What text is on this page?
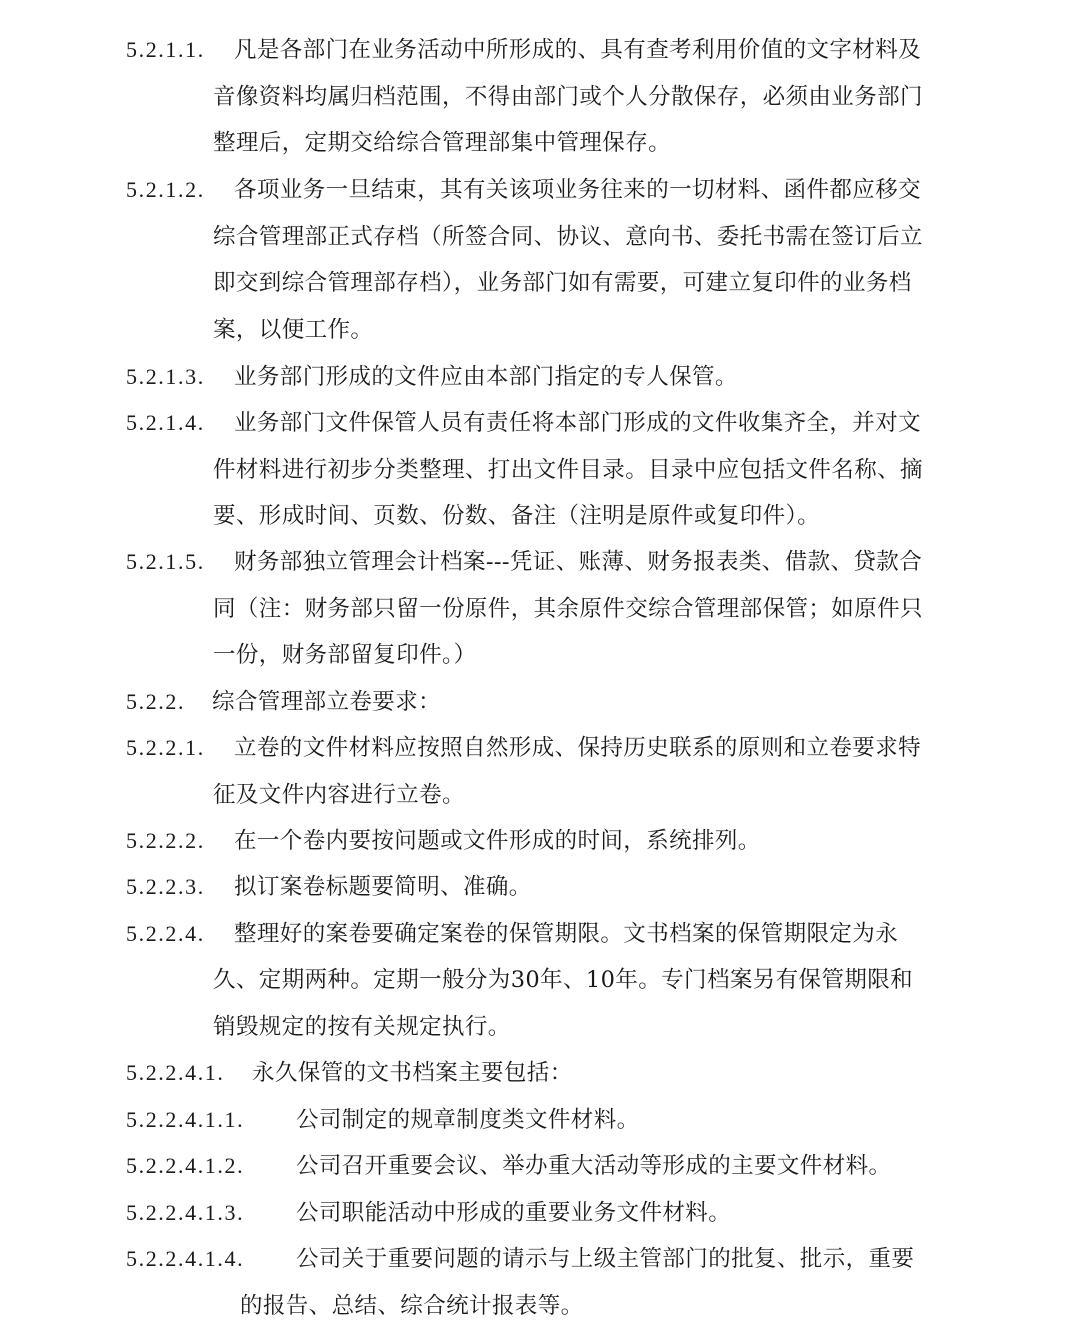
5.2.1.1. 凡是各部门在业务活动中所形成的、具有查考利用价值的文字材料及
音像资料均属归档范围，不得由部门或个人分散保存，必须由业务部门
整理后，定期交给综合管理部集中管理保存。
5.2.1.2. 各项业务一旦结束，其有关该项业务往来的一切材料、函件都应移交
综合管理部正式存档（所签合同、协议、意向书、委托书需在签订后立
即交到综合管理部存档），业务部门如有需要，可建立复印件的业务档
案，以便工作。
5.2.1.3. 业务部门形成的文件应由本部门指定的专人保管。
5.2.1.4. 业务部门文件保管人员有责任将本部门形成的文件收集齐全，并对文
件材料进行初步分类整理、打出文件目录。目录中应包括文件名称、摘
要、形成时间、页数、份数、备注（注明是原件或复印件）。
5.2.1.5. 财务部独立管理会计档案---凭证、账薄、财务报表类、借款、贷款合
同（注：财务部只留一份原件，其余原件交综合管理部保管；如原件只
一份，财务部留复印件。）
5.2.2. 综合管理部立卷要求：
5.2.2.1. 立卷的文件材料应按照自然形成、保持历史联系的原则和立卷要求特
征及文件内容进行立卷。
5.2.2.2. 在一个卷内要按问题或文件形成的时间，系统排列。
5.2.2.3. 拟订案卷标题要简明、准确。
5.2.2.4. 整理好的案卷要确定案卷的保管期限。文书档案的保管期限定为永
久、定期两种。定期一般分为30年、10年。专门档案另有保管期限和
销毁规定的按有关规定执行。
5.2.2.4.1. 永久保管的文书档案主要包括：
5.2.2.4.1.1. 公司制定的规章制度类文件材料。
5.2.2.4.1.2. 公司召开重要会议、举办重大活动等形成的主要文件材料。
5.2.2.4.1.3. 公司职能活动中形成的重要业务文件材料。
5.2.2.4.1.4. 公司关于重要问题的请示与上级主管部门的批复、批示，重要
的报告、总结、综合统计报表等。
